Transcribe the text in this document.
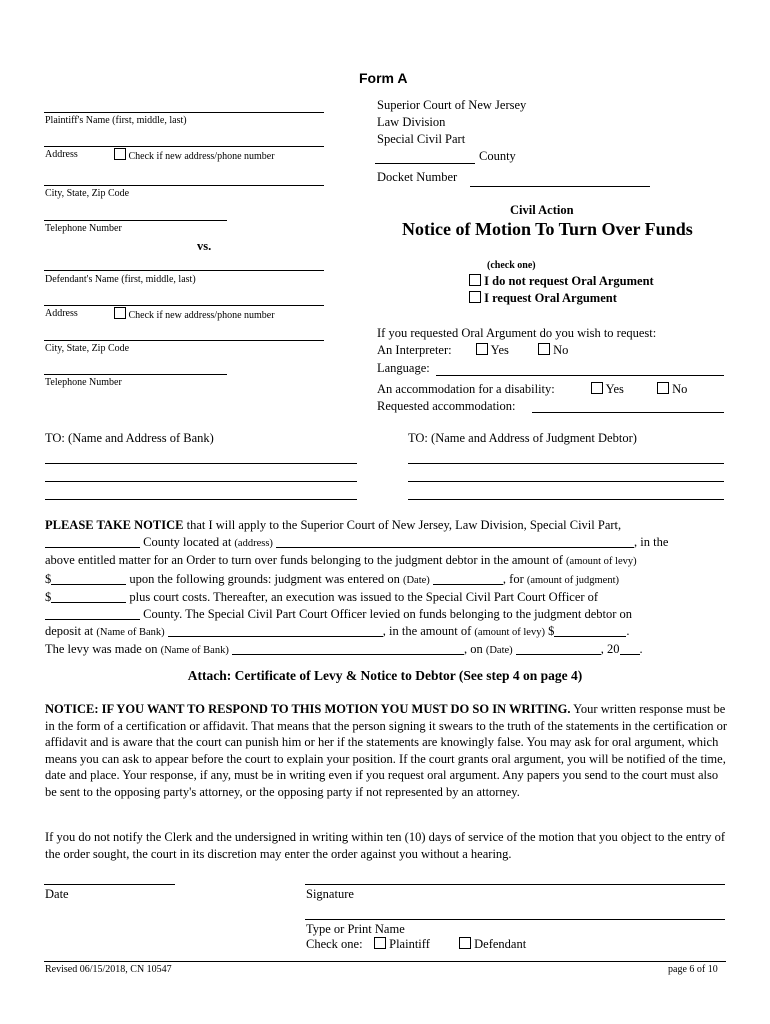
Form A
Superior Court of New Jersey
Law Division
Special Civil Part
County
Docket Number
Plaintiff's Name (first, middle, last)
Address	Check if new address/phone number
City, State, Zip Code
Telephone Number
vs.
Defendant's Name (first, middle, last)
Address	Check if new address/phone number
City, State, Zip Code
Telephone Number
Civil Action
Notice of Motion To Turn Over Funds
(check one)
I do not request Oral Argument
I request Oral Argument
If you requested Oral Argument do you wish to request:
An Interpreter:	Yes	No
Language:
An accommodation for a disability:	Yes	No
Requested accommodation:
TO: (Name and Address of Bank)	TO: (Name and Address of Judgment Debtor)

PLEASE TAKE NOTICE that I will apply to the Superior Court of New Jersey, Law Division, Special Civil Part,

County located at (address)	, in the

above entitled matter for an Order to turn over funds belonging to the judgment debtor in the amount of (amount of levy)

$	upon the following grounds: judgment was entered on (Date)	, for (amount of judgment)

$	plus court costs. Thereafter, an execution was issued to the Special Civil Part Court Officer of

County. The Special Civil Part Court Officer levied on funds belonging to the judgment debtor on

deposit at (Name of Bank)	, in the amount of (amount of levy) $	.

The levy was made on (Name of Bank)	, on (Date)	, 20 .

Attach: Certificate of Levy & Notice to Debtor (See step 4 on page 4)

NOTICE: IF YOU WANT TO RESPOND TO THIS MOTION YOU MUST DO SO IN WRITING. Your written response must be in the form of a certification or affidavit. That means that the person signing it swears to the truth of the statements in the certification or affidavit and is aware that the court can punish him or her if the statements are knowingly false. You may ask for oral argument, which means you can ask to appear before the court to explain your position. If the court grants oral argument, you will be notified of the time, date and place. Your response, if any, must be in writing even if you request oral argument. Any papers you send to the court must also be sent to the opposing party's attorney, or the opposing party if not represented by an attorney.

If you do not notify the Clerk and the undersigned in writing within ten (10) days of service of the motion that you object to the entry of the order sought, the court in its discretion may enter the order against you without a hearing.

Date	Signature
Type or Print Name
Check one:	Plaintiff	Defendant
Revised 06/15/2018, CN 10547	page 6 of 10
